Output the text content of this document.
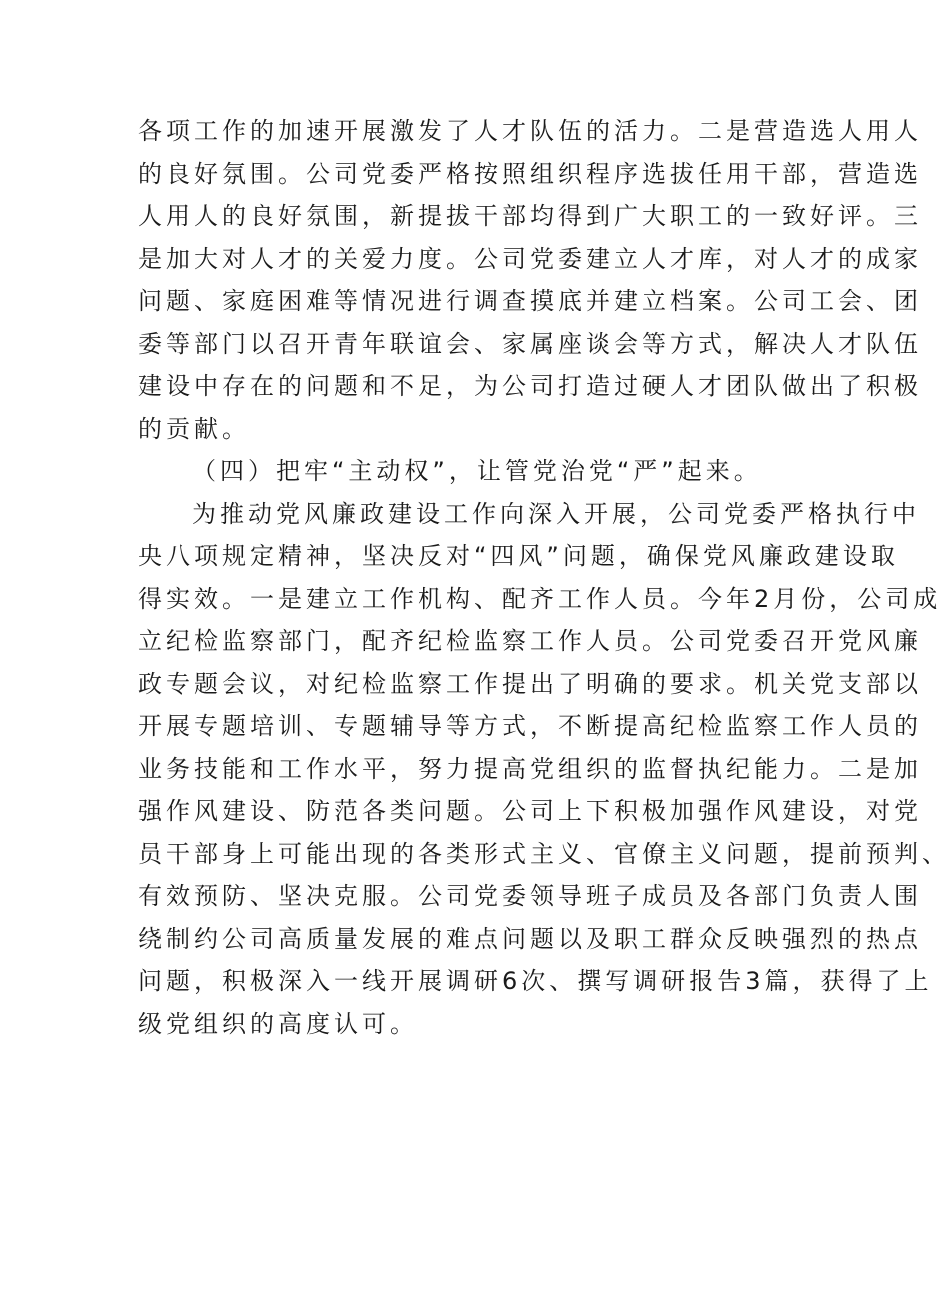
各项工作的加速开展激发了人才队伍的活力。二是营造选人用人
的良好氛围。公司党委严格按照组织程序选拔任用干部，营造选
人用人的良好氛围，新提拔干部均得到广大职工的一致好评。三
是加大对人才的关爱力度。公司党委建立人才库，对人才的成家
问题、家庭困难等情况进行调查摸底并建立档案。公司工会、团
委等部门以召开青年联谊会、家属座谈会等方式，解决人才队伍
建设中存在的问题和不足，为公司打造过硬人才团队做出了积极
的贡献。
（四）把牢“主动权”，让管党治党“严”起来。
为推动党风廉政建设工作向深入开展，公司党委严格执行中
央八项规定精神，坚决反对“四风”问题，确保党风廉政建设取
得实效。一是建立工作机构、配齐工作人员。今年2月份，公司成
立纪检监察部门，配齐纪检监察工作人员。公司党委召开党风廉
政专题会议，对纪检监察工作提出了明确的要求。机关党支部以
开展专题培训、专题辅导等方式，不断提高纪检监察工作人员的
业务技能和工作水平，努力提高党组织的监督执纪能力。二是加
强作风建设、防范各类问题。公司上下积极加强作风建设，对党
员干部身上可能出现的各类形式主义、官僚主义问题，提前预判、
有效预防、坚决克服。公司党委领导班子成员及各部门负责人围
绕制约公司高质量发展的难点问题以及职工群众反映强烈的热点
问题，积极深入一线开展调研6次、撰写调研报告3篇，获得了上
级党组织的高度认可。
